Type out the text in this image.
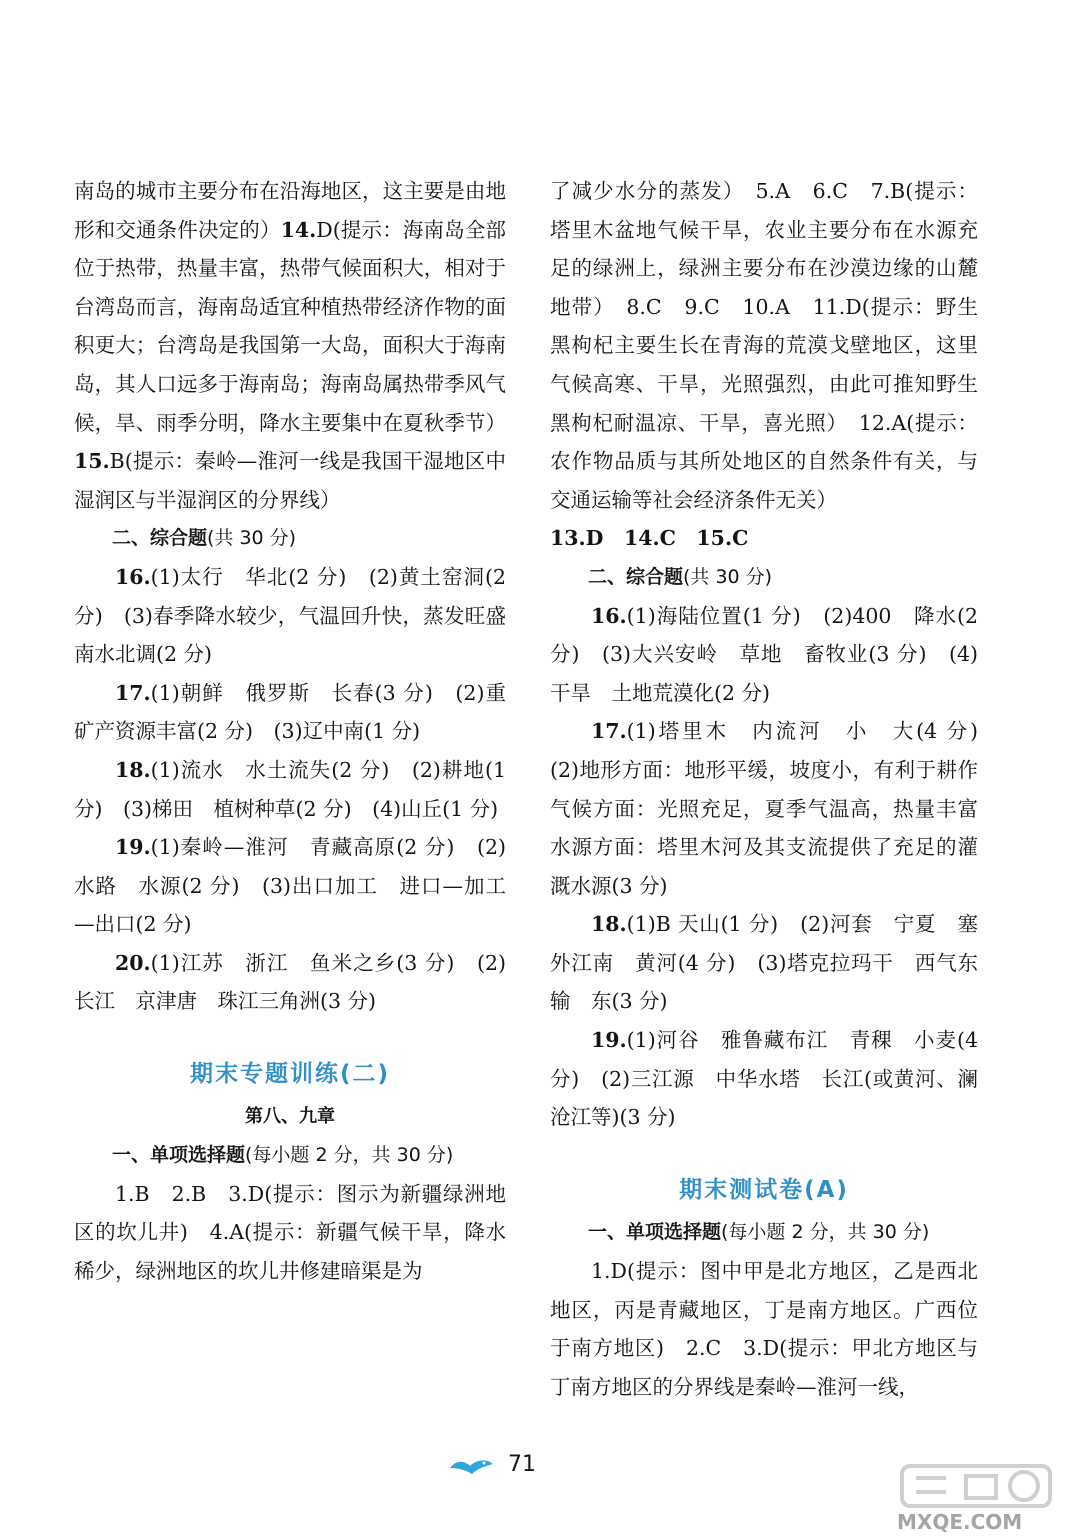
南岛的城市主要分布在沿海地区，这主要是由地形和交通条件决定的）14.D(提示：海南岛全部位于热带，热量丰富，热带气候面积大，相对于台湾岛而言，海南岛适宜种植热带经济作物的面积更大；台湾岛是我国第一大岛，面积大于海南岛，其人口远多于海南岛；海南岛属热带季风气候，旱、雨季分明，降水主要集中在夏秋季节）15.B(提示：秦岭—淮河一线是我国干湿地区中湿润区与半湿润区的分界线）

二、综合题(共 30 分)

16.(1)太行　华北(2 分)　(2)黄土窑洞(2 分)　(3)春季降水较少，气温回升快，蒸发旺盛　南水北调(2 分)

17.(1)朝鲜　俄罗斯　长春(3 分)　(2)重　矿产资源丰富(2 分)　(3)辽中南(1 分)

18.(1)流水　水土流失(2 分)　(2)耕地(1 分)　(3)梯田　植树种草(2 分)　(4)山丘(1 分)

19.(1)秦岭—淮河　青藏高原(2 分)　(2)水路　水源(2 分)　(3)出口加工　进口—加工—出口(2 分)

20.(1)江苏　浙江　鱼米之乡(3 分)　(2)长江　京津唐　珠江三角洲(3 分)

期末专题训练(二)

第八、九章

一、单项选择题(每小题 2 分，共 30 分)

1.B　2.B　3.D(提示：图示为新疆绿洲地区的坎儿井)　4.A(提示：新疆气候干旱，降水稀少，绿洲地区的坎儿井修建暗渠是为

了减少水分的蒸发）　5.A　6.C　7.B(提示：塔里木盆地气候干旱，农业主要分布在水源充足的绿洲上，绿洲主要分布在沙漠边缘的山麓地带）　8.C　9.C　10.A　11.D(提示：野生黑枸杞主要生长在青海的荒漠戈壁地区，这里气候高寒、干旱，光照强烈，由此可推知野生黑枸杞耐温凉、干旱，喜光照）　12.A(提示：农作物品质与其所处地区的自然条件有关，与交通运输等社会经济条件无关）

13.D　14.C　15.C

二、综合题(共 30 分)

16.(1)海陆位置(1 分)　(2)400　降水(2 分)　(3)大兴安岭　草地　畜牧业(3 分)　(4)干旱　土地荒漠化(2 分)

17.(1)塔里木　内流河　小　大(4 分)　(2)地形方面：地形平缓，坡度小，有利于耕作　气候方面：光照充足，夏季气温高，热量丰富　水源方面：塔里木河及其支流提供了充足的灌溉水源(3 分)

18.(1)B 天山(1 分)　(2)河套　宁夏　塞外江南　黄河(4 分)　(3)塔克拉玛干　西气东输　东(3 分)

19.(1)河谷　雅鲁藏布江　青稞　小麦(4 分)　(2)三江源　中华水塔　长江(或黄河、澜沧江等)(3 分)

期末测试卷(A)

一、单项选择题(每小题 2 分，共 30 分)

1.D(提示：图中甲是北方地区，乙是西北地区，丙是青藏地区，丁是南方地区。广西位于南方地区)　2.C　3.D(提示：甲北方地区与丁南方地区的分界线是秦岭—淮河一线，

71
MXQE.COM
